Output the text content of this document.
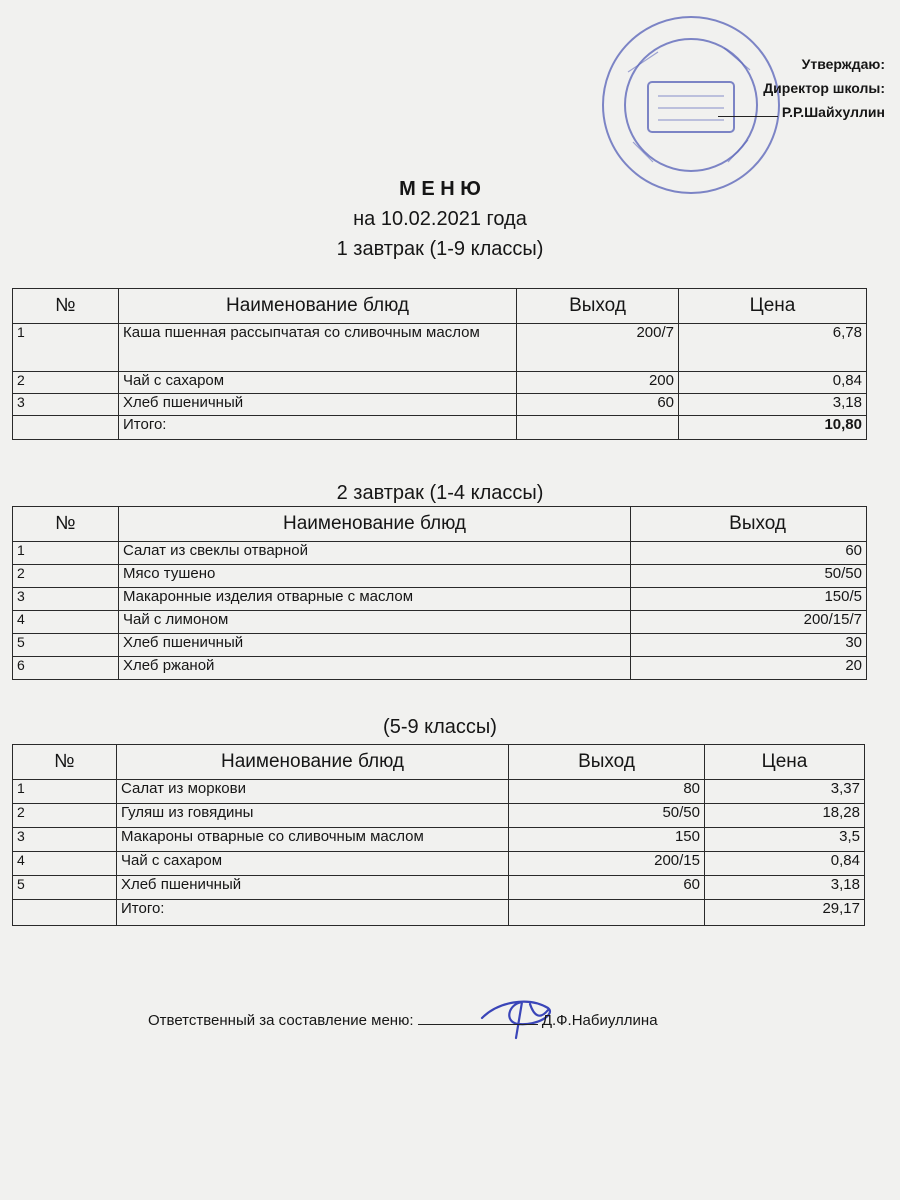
Утверждаю:
Директор школы:
Р.Р.Шайхуллин
М Е Н Ю
на 10.02.2021 года
1 завтрак (1-9 классы)
№	Наименование блюд	Выход	Цена
1	Каша пшенная рассыпчатая со сливочным маслом	200/7	6,78
2	Чай с сахаром	200	0,84
3	Хлеб пшеничный	60	3,18
	Итого:		10,80
2 завтрак (1-4 классы)
№	Наименование блюд	Выход
1	Салат из свеклы отварной	60
2	Мясо тушено	50/50
3	Макаронные изделия отварные с маслом	150/5
4	Чай с лимоном	200/15/7
5	Хлеб пшеничный	30
6	Хлеб ржаной	20
(5-9 классы)
№	Наименование блюд	Выход	Цена
1	Салат из моркови	80	3,37
2	Гуляш из говядины	50/50	18,28
3	Макароны отварные со сливочным маслом	150	3,5
4	Чай с сахаром	200/15	0,84
5	Хлеб пшеничный	60	3,18
	Итого:		29,17
Ответственный за составление меню:	Д.Ф.Набиуллина
